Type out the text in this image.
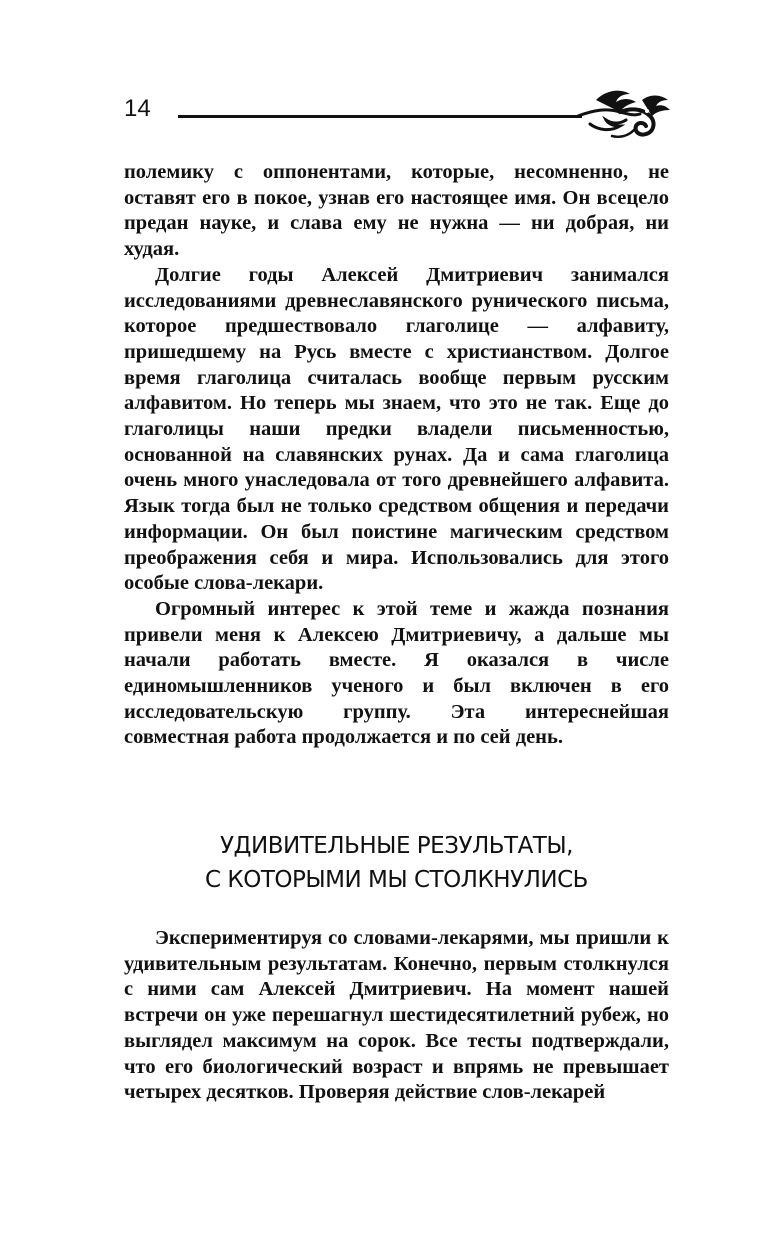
14

полемику с оппонентами, которые, несомненно, не оставят его в покое, узнав его настоящее имя. Он всецело предан науке, и слава ему не нужна — ни добрая, ни худая.

Долгие годы Алексей Дмитриевич занимался исследованиями древнеславянского рунического письма, которое предшествовало глаголице — алфавиту, пришедшему на Русь вместе с христианством. Долгое время глаголица считалась вообще первым русским алфавитом. Но теперь мы знаем, что это не так. Еще до глаголицы наши предки владели письменностью, основанной на славянских рунах. Да и сама глаголица очень много унаследовала от того древнейшего алфавита. Язык тогда был не только средством общения и передачи информации. Он был поистине магическим средством преображения себя и мира. Использовались для этого особые слова-лекари.

Огромный интерес к этой теме и жажда познания привели меня к Алексею Дмитриевичу, а дальше мы начали работать вместе. Я оказался в числе единомышленников ученого и был включен в его исследовательскую группу. Эта интереснейшая совместная работа продолжается и по сей день.

УДИВИТЕЛЬНЫЕ РЕЗУЛЬТАТЫ,
С КОТОРЫМИ МЫ СТОЛКНУЛИСЬ

Экспериментируя со словами-лекарями, мы пришли к удивительным результатам. Конечно, первым столкнулся с ними сам Алексей Дмитриевич. На момент нашей встречи он уже перешагнул шестидесятилетний рубеж, но выглядел максимум на сорок. Все тесты подтверждали, что его биологический возраст и впрямь не превышает четырех десятков. Проверяя действие слов-лекарей
